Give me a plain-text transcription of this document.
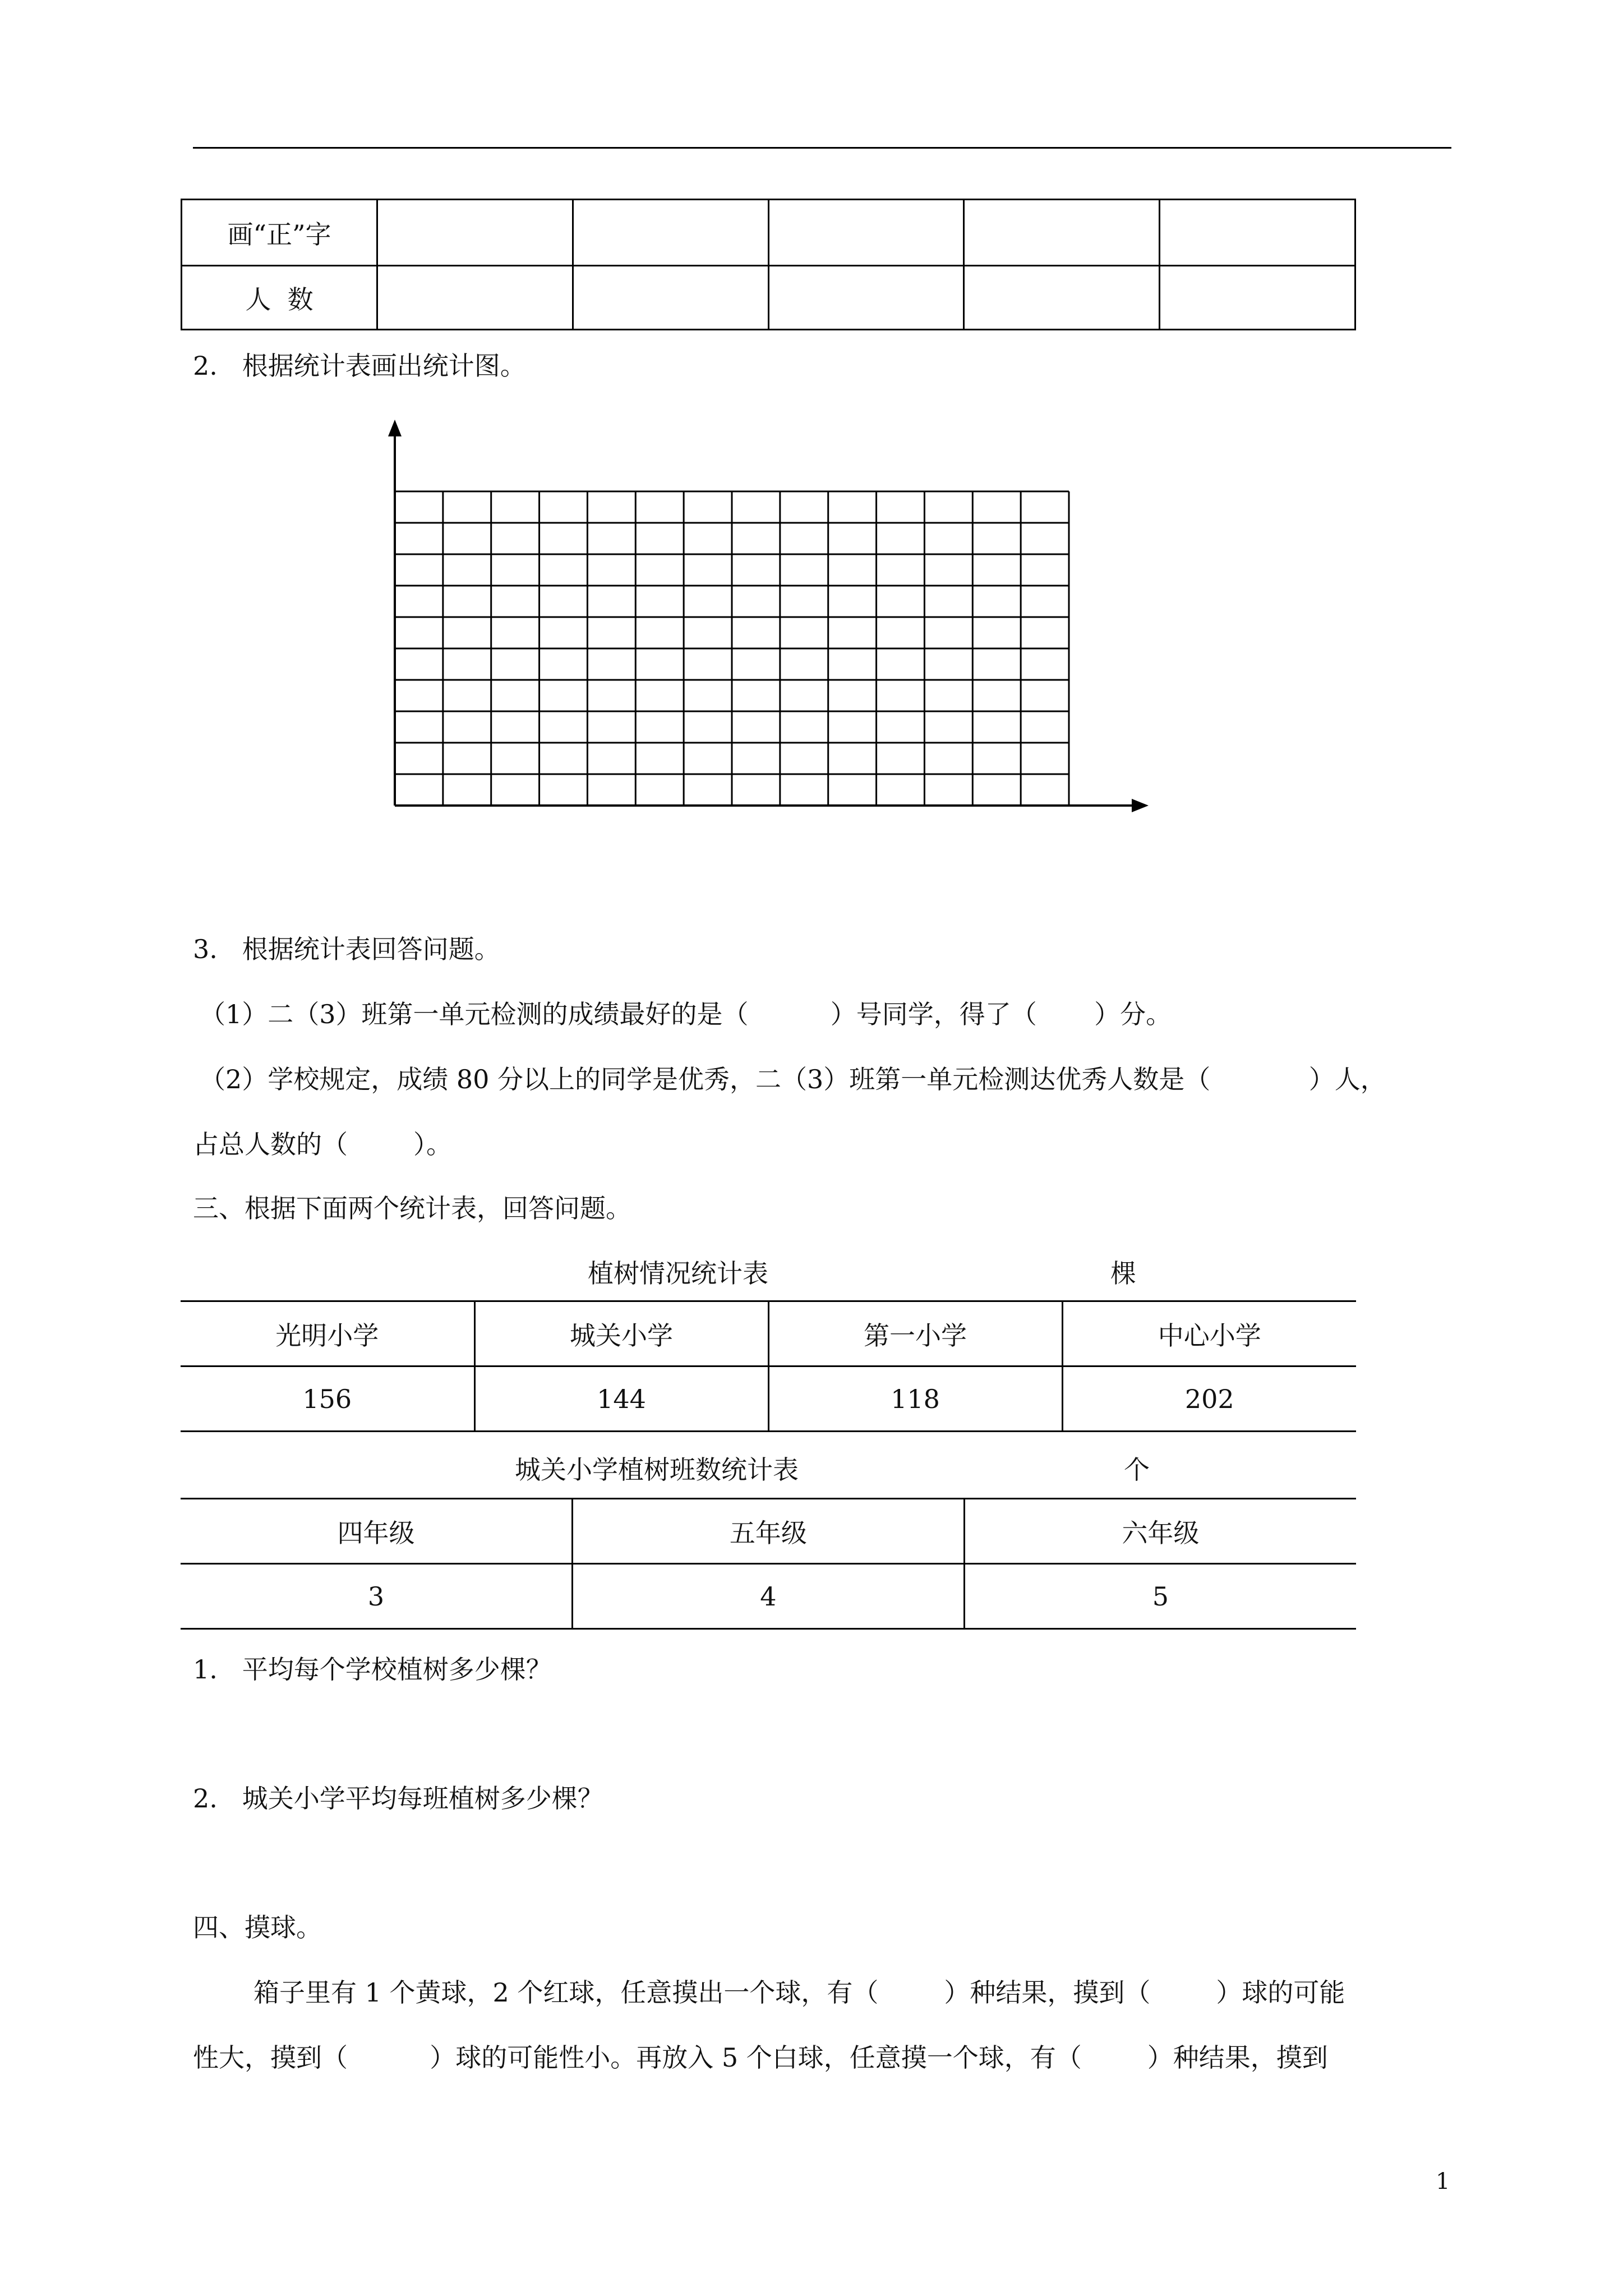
画“正”字					
人  数					
2.   根据统计表画出统计图。
3.   根据统计表回答问题。
（1）二（3）班第一单元检测的成绩最好的是（          ）号同学，得了（       ）分。
（2）学校规定，成绩 80 分以上的同学是优秀，二（3）班第一单元检测达优秀人数是（            ）人，
占总人数的（        ）。
三、根据下面两个统计表，回答问题。
植树情况统计表	棵
光明小学	城关小学	第一小学	中心小学
156	144	118	202
城关小学植树班数统计表	个
四年级	五年级	六年级
3	4	5
1.   平均每个学校植树多少棵？
2.   城关小学平均每班植树多少棵？
四、摸球。
箱子里有 1 个黄球，2 个红球，任意摸出一个球，有（        ）种结果，摸到（        ）球的可能
性大，摸到（          ）球的可能性小。再放入 5 个白球，任意摸一个球，有（        ）种结果，摸到
1
